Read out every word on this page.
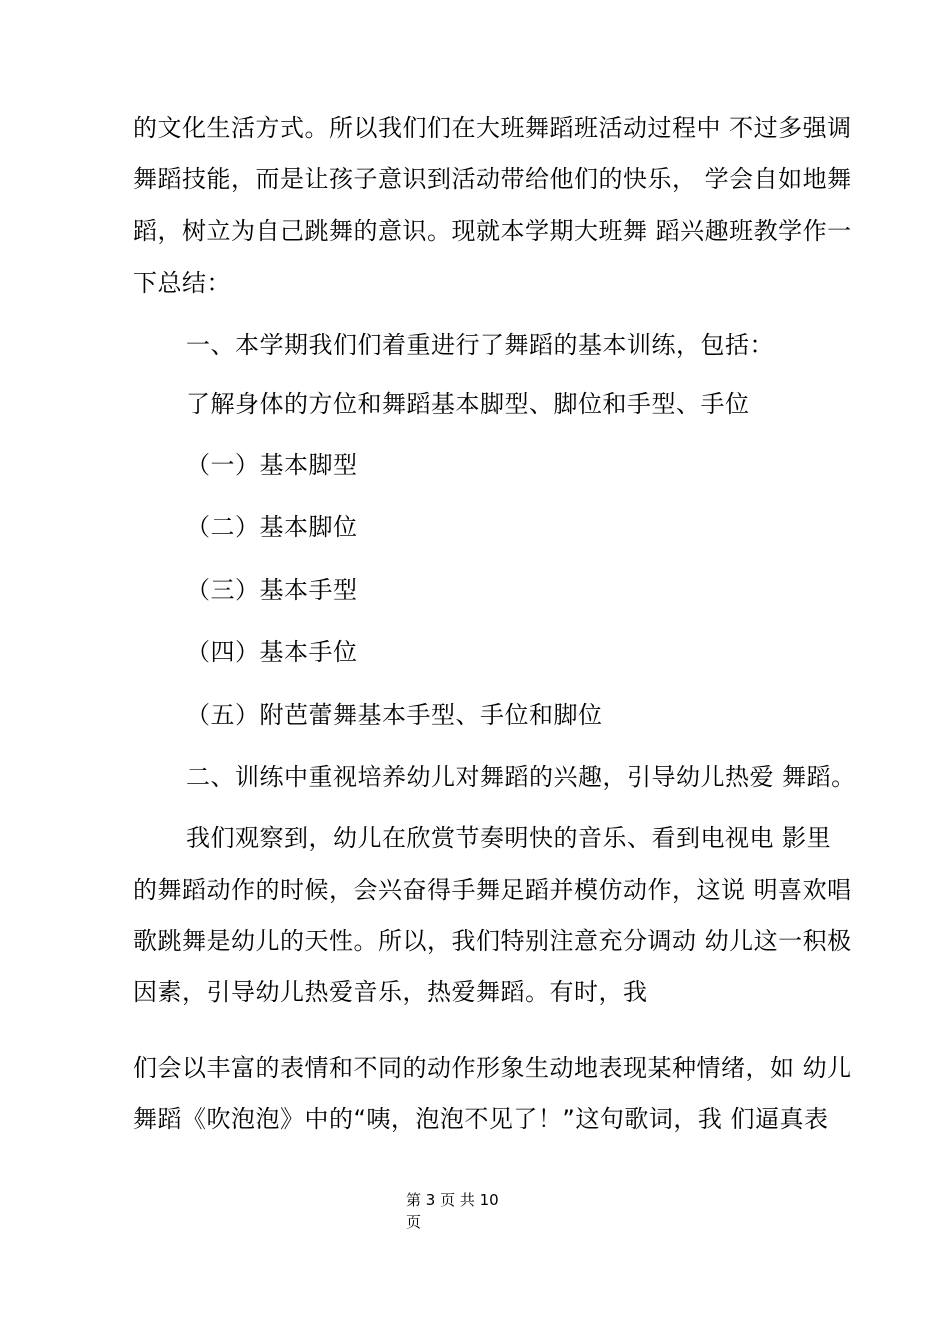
的文化生活方式。所以我们们在大班舞蹈班活动过程中 不过多强调
舞蹈技能，而是让孩子意识到活动带给他们的快乐， 学会自如地舞
蹈，树立为自己跳舞的意识。现就本学期大班舞 蹈兴趣班教学作一
下总结：
一、本学期我们们着重进行了舞蹈的基本训练，包括：
了解身体的方位和舞蹈基本脚型、脚位和手型、手位
（一）基本脚型
（二）基本脚位
（三）基本手型
（四）基本手位
（五）附芭蕾舞基本手型、手位和脚位
二、训练中重视培养幼儿对舞蹈的兴趣，引导幼儿热爱 舞蹈。
我们观察到，幼儿在欣赏节奏明快的音乐、看到电视电 影里
的舞蹈动作的时候，会兴奋得手舞足蹈并模仿动作，这说 明喜欢唱
歌跳舞是幼儿的天性。所以，我们特别注意充分调动 幼儿这一积极
因素，引导幼儿热爱音乐，热爱舞蹈。有时，我
们会以丰富的表情和不同的动作形象生动地表现某种情绪，如 幼儿
舞蹈《吹泡泡》中的“咦，泡泡不见了！”这句歌词，我 们逼真表
第 3 页 共 10
页
